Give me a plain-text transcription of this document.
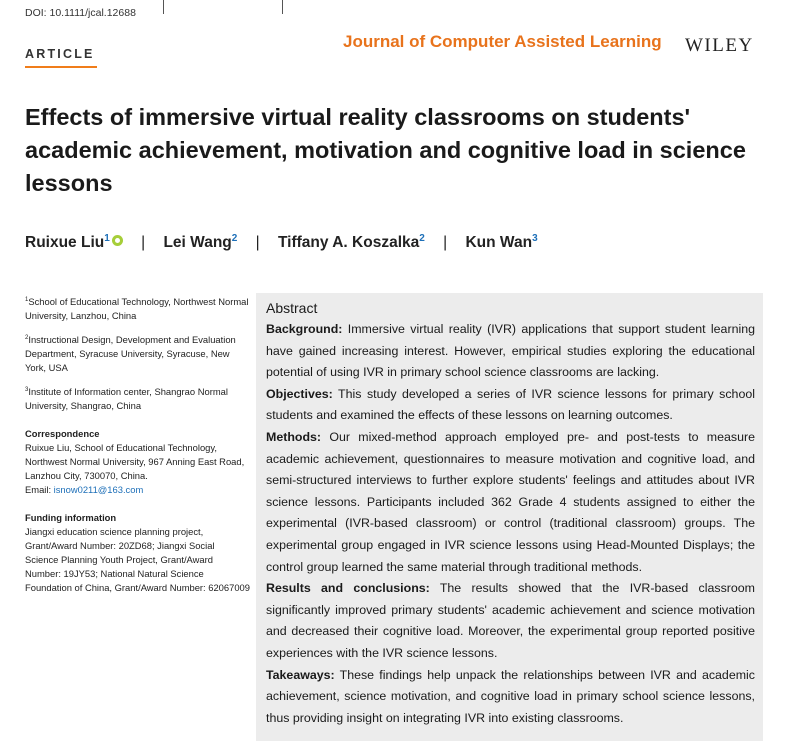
DOI: 10.1111/jcal.12688
ARTICLE
Journal of Computer Assisted Learning WILEY
Effects of immersive virtual reality classrooms on students' academic achievement, motivation and cognitive load in science lessons
Ruixue Liu$^1$ | Lei Wang$^2$ | Tiffany A. Koszalka$^2$ | Kun Wan$^3$

$^1$School of Educational Technology, Northwest Normal University, Lanzhou, China

$^2$Instructional Design, Development and Evaluation Department, Syracuse University, Syracuse, New York, USA

$^3$Institute of Information center, Shangrao Normal University, Shangrao, China

Correspondence

Ruixue Liu, School of Educational Technology, Northwest Normal University, 967 Anning East Road, Lanzhou City, 730070, China.
Email: isnow0211@163.com

Funding information

Jiangxi education science planning project, Grant/Award Number: 20ZD68; Jiangxi Social Science Planning Youth Project, Grant/Award Number: 19JY53; National Natural Science Foundation of China, Grant/Award Number: 62067009

Abstract

Background: Immersive virtual reality (IVR) applications that support student learning have gained increasing interest. However, empirical studies exploring the educational potential of using IVR in primary school science classrooms are lacking.

Objectives: This study developed a series of IVR science lessons for primary school students and examined the effects of these lessons on learning outcomes.

Methods: Our mixed-method approach employed pre- and post-tests to measure academic achievement, questionnaires to measure motivation and cognitive load, and semi-structured interviews to further explore students' feelings and attitudes about IVR science lessons. Participants included 362 Grade 4 students assigned to either the experimental (IVR-based classroom) or control (traditional classroom) groups. The experimental group engaged in IVR science lessons using Head-Mounted Displays; the control group learned the same material through traditional methods.

Results and conclusions: The results showed that the IVR-based classroom significantly improved primary students' academic achievement and science motivation and decreased their cognitive load. Moreover, the experimental group reported positive experiences with the IVR science lessons.

Takeaways: These findings help unpack the relationships between IVR and academic achievement, science motivation, and cognitive load in primary school science lessons, thus providing insight on integrating IVR into existing classrooms.
